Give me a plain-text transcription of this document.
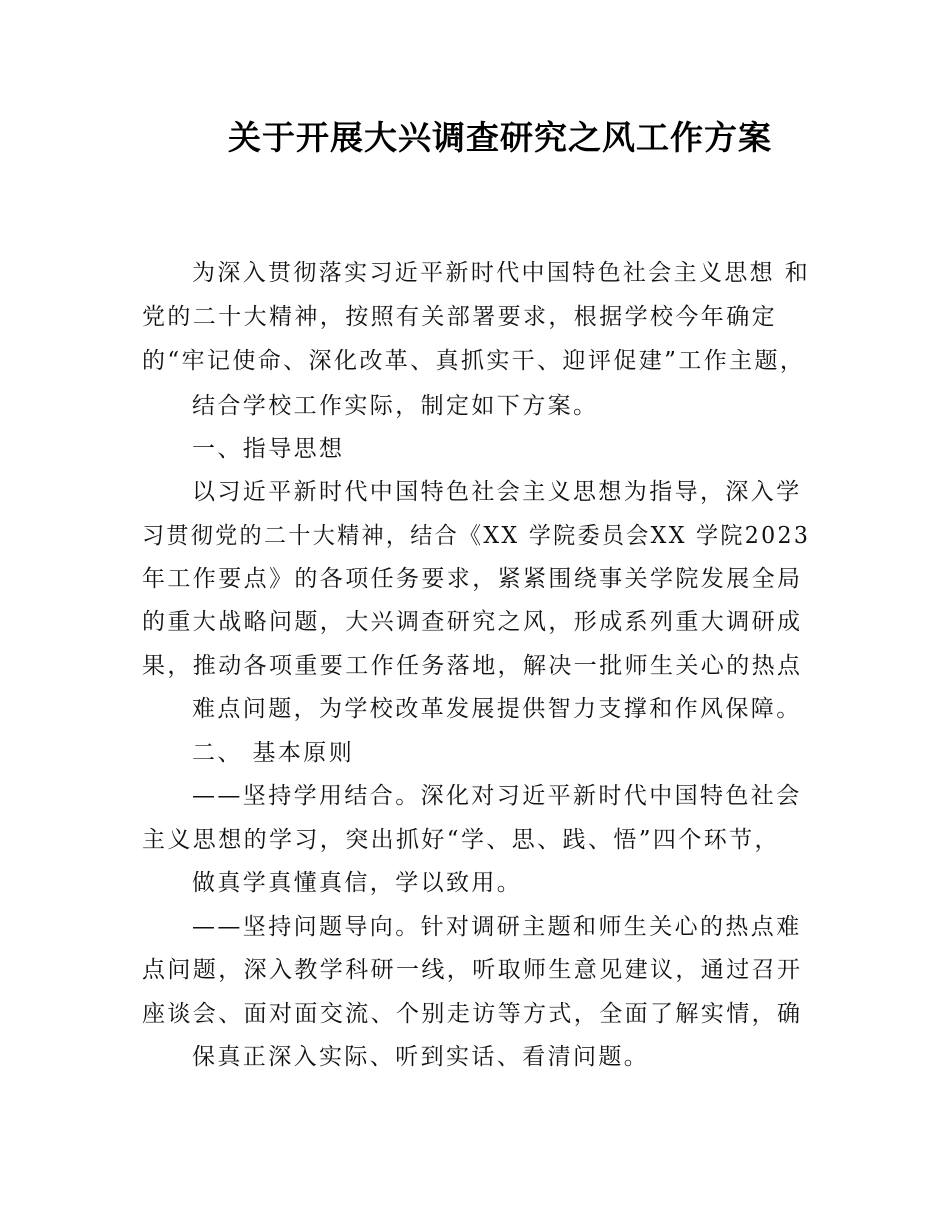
关于开展大兴调查研究之风工作方案
为深入贯彻落实习近平新时代中国特色社会主义思想 和
党的二十大精神，按照有关部署要求，根据学校今年确定
的“牢记使命、深化改革、真抓实干、迎评促建”工作主题，
结合学校工作实际，制定如下方案。
一、指导思想
以习近平新时代中国特色社会主义思想为指导，深入学
习贯彻党的二十大精神，结合《XX 学院委员会XX 学院2023
年工作要点》的各项任务要求，紧紧围绕事关学院发展全局
的重大战略问题，大兴调查研究之风，形成系列重大调研成
果，推动各项重要工作任务落地，解决一批师生关心的热点
难点问题，为学校改革发展提供智力支撑和作风保障。
二、 基本原则
——坚持学用结合。深化对习近平新时代中国特色社会
主义思想的学习，突出抓好“学、思、践、悟”四个环节，
做真学真懂真信，学以致用。
——坚持问题导向。针对调研主题和师生关心的热点难
点问题，深入教学科研一线，听取师生意见建议，通过召开
座谈会、面对面交流、个别走访等方式，全面了解实情，确
保真正深入实际、听到实话、看清问题。
